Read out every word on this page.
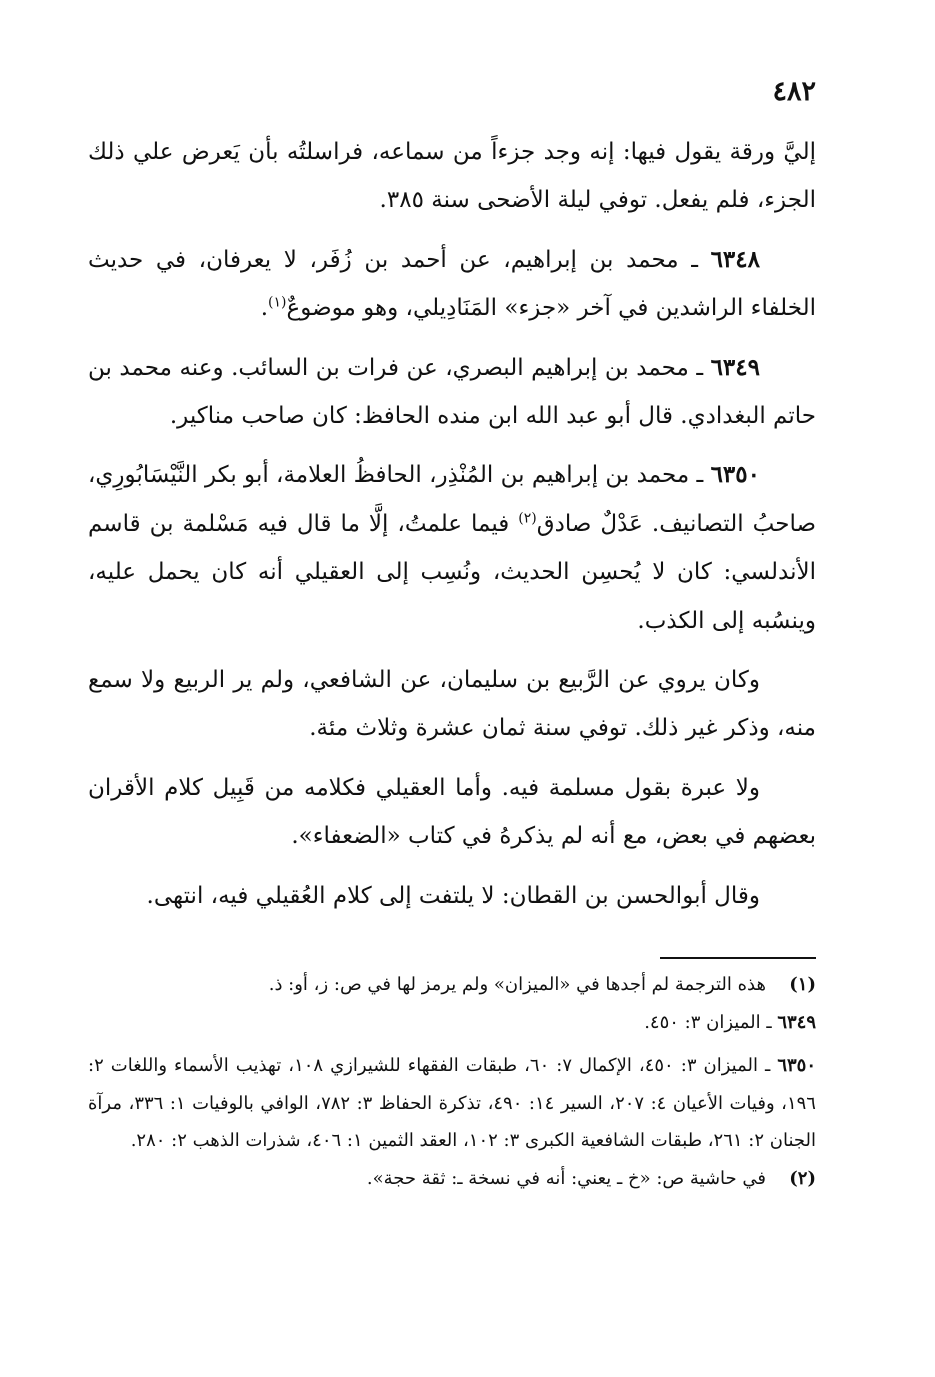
٤٨٢

إليَّ ورقة يقول فيها: إنه وجد جزءاً من سماعه، فراسلتُه بأن يَعرض علي ذلك الجزء، فلم يفعل. توفي ليلة الأضحى سنة ٣٨٥.

٦٣٤٨ ـ محمد بن إبراهيم، عن أحمد بن زُفَر، لا يعرفان، في حديث الخلفاء الراشدين في آخر «جزء» المَنَادِيلي، وهو موضوعٌ$^{(١)}$.

٦٣٤٩ ـ محمد بن إبراهيم البصري، عن فرات بن السائب. وعنه محمد بن حاتم البغدادي. قال أبو عبد الله ابن منده الحافظ: كان صاحب مناكير.

٦٣٥٠ ـ محمد بن إبراهيم بن المُنْذِر، الحافظُ العلامة، أبو بكر النَّيْسَابُورِي، صاحبُ التصانيف. عَدْلٌ صادق$^{(٢)}$ فيما علمتُ، إلَّا ما قال فيه مَسْلمة بن قاسم الأندلسي: كان لا يُحسِن الحديث، ونُسِب إلى العقيلي أنه كان يحمل عليه، وينسُبه إلى الكذب.

وكان يروي عن الرَّبيع بن سليمان، عن الشافعي، ولم ير الربيع ولا سمع منه، وذكر غير ذلك. توفي سنة ثمان عشرة وثلاث مئة.

ولا عبرة بقول مسلمة فيه. وأما العقيلي فكلامه من قَبِيل كلام الأقران بعضهم في بعض، مع أنه لم يذكرهُ في كتاب «الضعفاء».

وقال أبوالحسن بن القطان: لا يلتفت إلى كلام العُقيلي فيه، انتهى.

(١)هذه الترجمة لم أجدها في «الميزان» ولم يرمز لها في ص: ز، أو: ذ.

٦٣٤٩ ـ الميزان ٣: ٤٥٠.

٦٣٥٠ ـ الميزان ٣: ٤٥٠، الإكمال ٧: ٦٠، طبقات الفقهاء للشيرازي ١٠٨، تهذيب الأسماء واللغات ٢: ١٩٦، وفيات الأعيان ٤: ٢٠٧، السير ١٤: ٤٩٠، تذكرة الحفاظ ٣: ٧٨٢، الوافي بالوفيات ١: ٣٣٦، مرآة الجنان ٢: ٢٦١، طبقات الشافعية الكبرى ٣: ١٠٢، العقد الثمين ١: ٤٠٦، شذرات الذهب ٢: ٢٨٠.

(٢)في حاشية ص: «خ ـ يعني: أنه في نسخة ـ: ثقة حجة».
